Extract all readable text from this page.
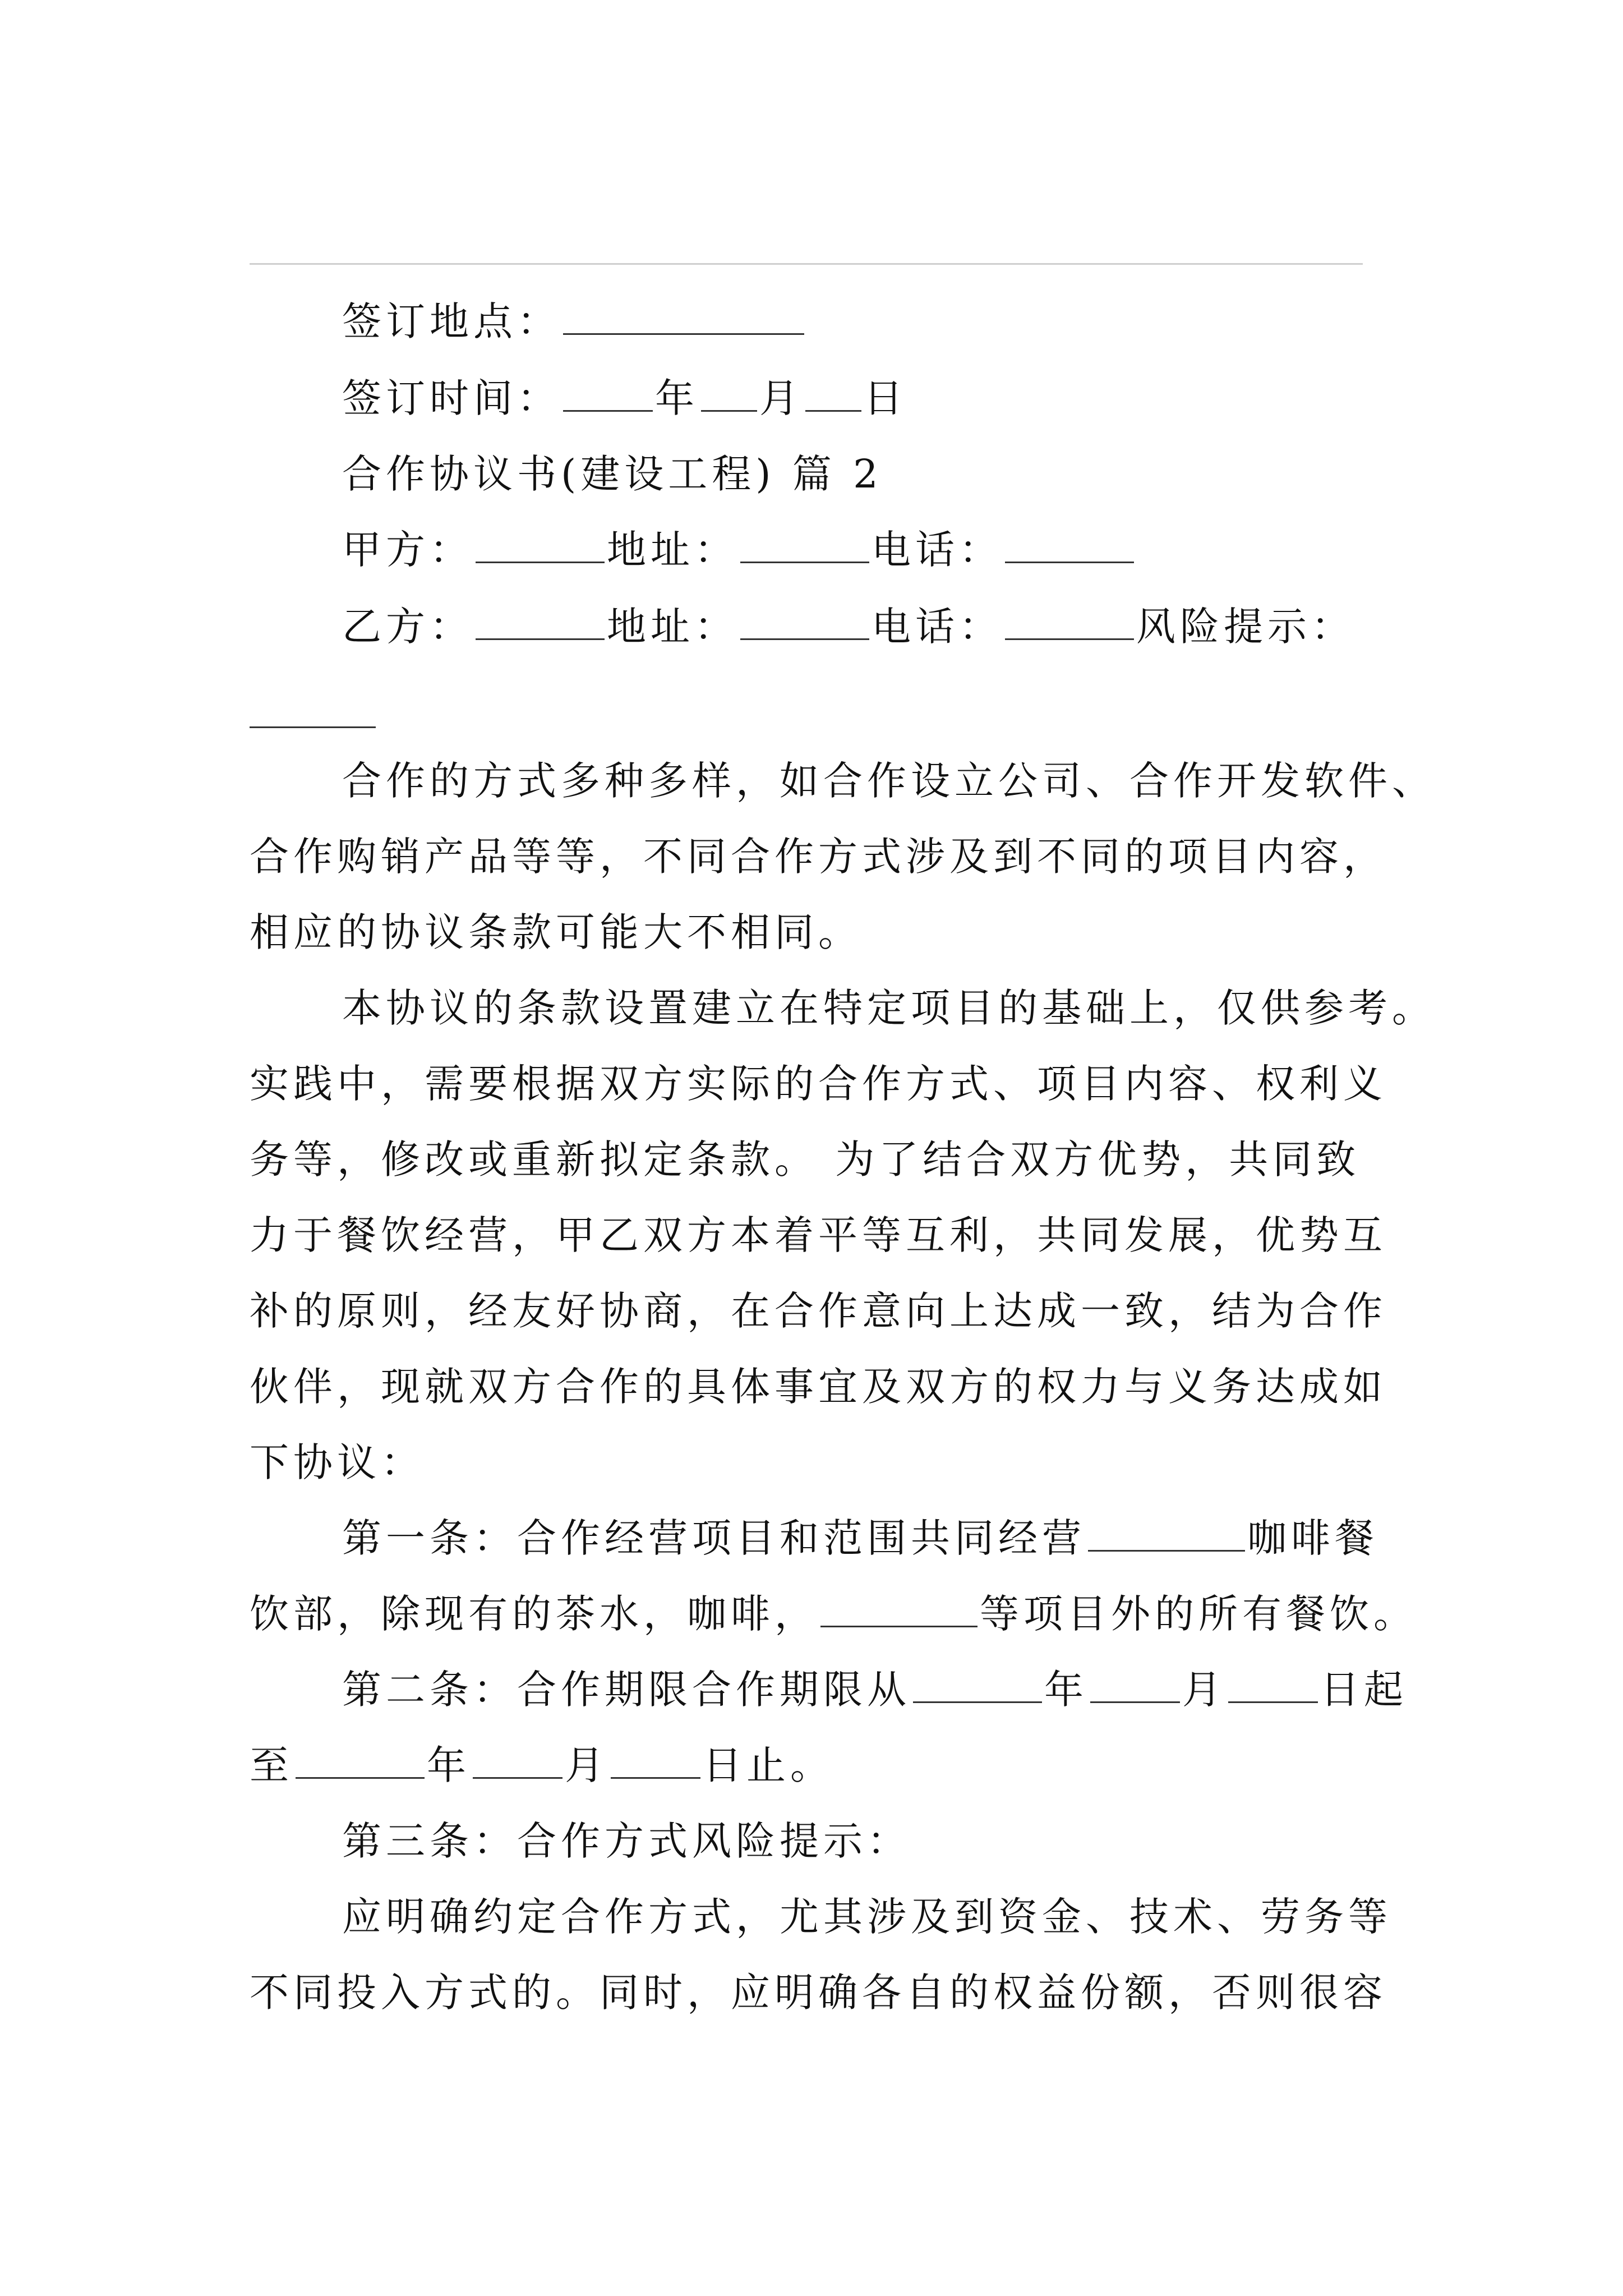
签订地点：
签订时间： 年 月 日
合作协议书(建设工程) 篇 2
甲方：	地址：	电话：
乙方：	地址：	电话：	风险提示：
合作的方式多种多样，如合作设立公司、合作开发软件、
合作购销产品等等，不同合作方式涉及到不同的项目内容，
相应的协议条款可能大不相同。
本协议的条款设置建立在特定项目的基础上，仅供参考。
实践中，需要根据双方实际的合作方式、项目内容、权利义
务等，修改或重新拟定条款。 为了结合双方优势，共同致
力于餐饮经营，甲乙双方本着平等互利，共同发展，优势互
补的原则，经友好协商，在合作意向上达成一致，结为合作
伙伴，现就双方合作的具体事宜及双方的权力与义务达成如
下协议：
第一条：合作经营项目和范围共同经营	咖啡餐
饮部，除现有的茶水，咖啡，	等项目外的所有餐饮。
第二条：合作期限合作期限从	年 月 日起
至	年 月 日止。
第三条：合作方式风险提示：
应明确约定合作方式，尤其涉及到资金、技术、劳务等
不同投入方式的。同时，应明确各自的权益份额，否则很容
